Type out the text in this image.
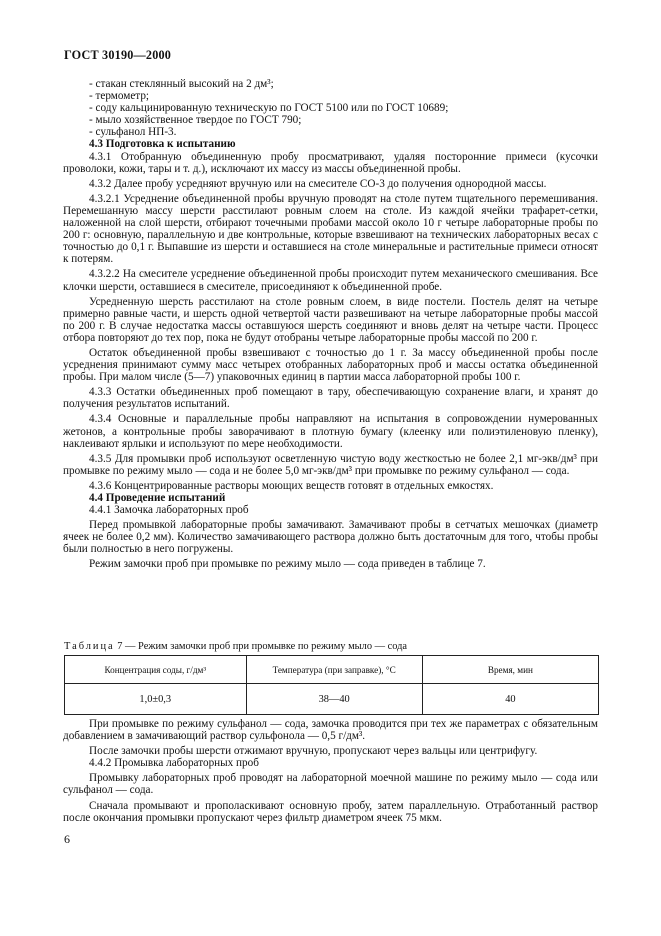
ГОСТ 30190—2000
- стакан стеклянный высокий на 2 дм³;
- термометр;
- соду кальцинированную техническую по ГОСТ 5100 или по ГОСТ 10689;
- мыло хозяйственное твердое по ГОСТ 790;
- сульфанол НП-3.
4.3 Подготовка к испытанию

4.3.1 Отобранную объединенную пробу просматривают, удаляя посторонние примеси (кусочки проволоки, кожи, тары и т. д.), исключают их массу из массы объединенной пробы.

4.3.2 Далее пробу усредняют вручную или на смесителе СО-3 до получения однородной массы.

4.3.2.1 Усреднение объединенной пробы вручную проводят на столе путем тщательного перемешивания. Перемешанную массу шерсти расстилают ровным слоем на столе. Из каждой ячейки трафарет-сетки, наложенной на слой шерсти, отбирают точечными пробами массой около 10 г четыре лабораторные пробы по 200 г: основную, параллельную и две контрольные, которые взвешивают на технических лабораторных весах с точностью до 0,1 г. Выпавшие из шерсти и оставшиеся на столе минеральные и растительные примеси относят к потерям.

4.3.2.2 На смесителе усреднение объединенной пробы происходит путем механического смешивания. Все клочки шерсти, оставшиеся в смесителе, присоединяют к объединенной пробе.

Усредненную шерсть расстилают на столе ровным слоем, в виде постели. Постель делят на четыре примерно равные части, и шерсть одной четвертой части развешивают на четыре лабораторные пробы массой по 200 г. В случае недостатка массы оставшуюся шерсть соединяют и вновь делят на четыре части. Процесс отбора повторяют до тех пор, пока не будут отобраны четыре лабораторные пробы массой по 200 г.

Остаток объединенной пробы взвешивают с точностью до 1 г. За массу объединенной пробы после усреднения принимают сумму масс четырех отобранных лабораторных проб и массы остатка объединенной пробы. При малом числе (5—7) упаковочных единиц в партии масса лабораторной пробы 100 г.

4.3.3 Остатки объединенных проб помещают в тару, обеспечивающую сохранение влаги, и хранят до получения результатов испытаний.

4.3.4 Основные и параллельные пробы направляют на испытания в сопровождении нумерованных жетонов, а контрольные пробы заворачивают в плотную бумагу (клеенку или полиэтиленовую пленку), наклеивают ярлыки и используют по мере необходимости.

4.3.5 Для промывки проб используют осветленную чистую воду жесткостью не более 2,1 мг-экв/дм³ при промывке по режиму мыло — сода и не более 5,0 мг-экв/дм³ при промывке по режиму сульфанол — сода.

4.3.6 Концентрированные растворы моющих веществ готовят в отдельных емкостях.

4.4 Проведение испытаний

4.4.1 Замочка лабораторных проб

Перед промывкой лабораторные пробы замачивают. Замачивают пробы в сетчатых мешочках (диаметр ячеек не более 0,2 мм). Количество замачивающего раствора должно быть достаточным для того, чтобы пробы были полностью в него погружены.

Режим замочки проб при промывке по режиму мыло — сода приведен в таблице 7.

Таблица 7 — Режим замочки проб при промывке по режиму мыло — сода
Концентрация соды, г/дм³	Температура (при заправке), °С	Время, мин
1,0±0,3	38—40	40

При промывке по режиму сульфанол — сода, замочка проводится при тех же параметрах с обязательным добавлением в замачивающий раствор сульфонола — 0,5 г/дм³.

После замочки пробы шерсти отжимают вручную, пропускают через вальцы или центрифугу.

4.4.2 Промывка лабораторных проб

Промывку лабораторных проб проводят на лабораторной моечной машине по режиму мыло — сода или сульфанол — сода.

Сначала промывают и прополаскивают основную пробу, затем параллельную. Отработанный раствор после окончания промывки пропускают через фильтр диаметром ячеек 75 мкм.

6
